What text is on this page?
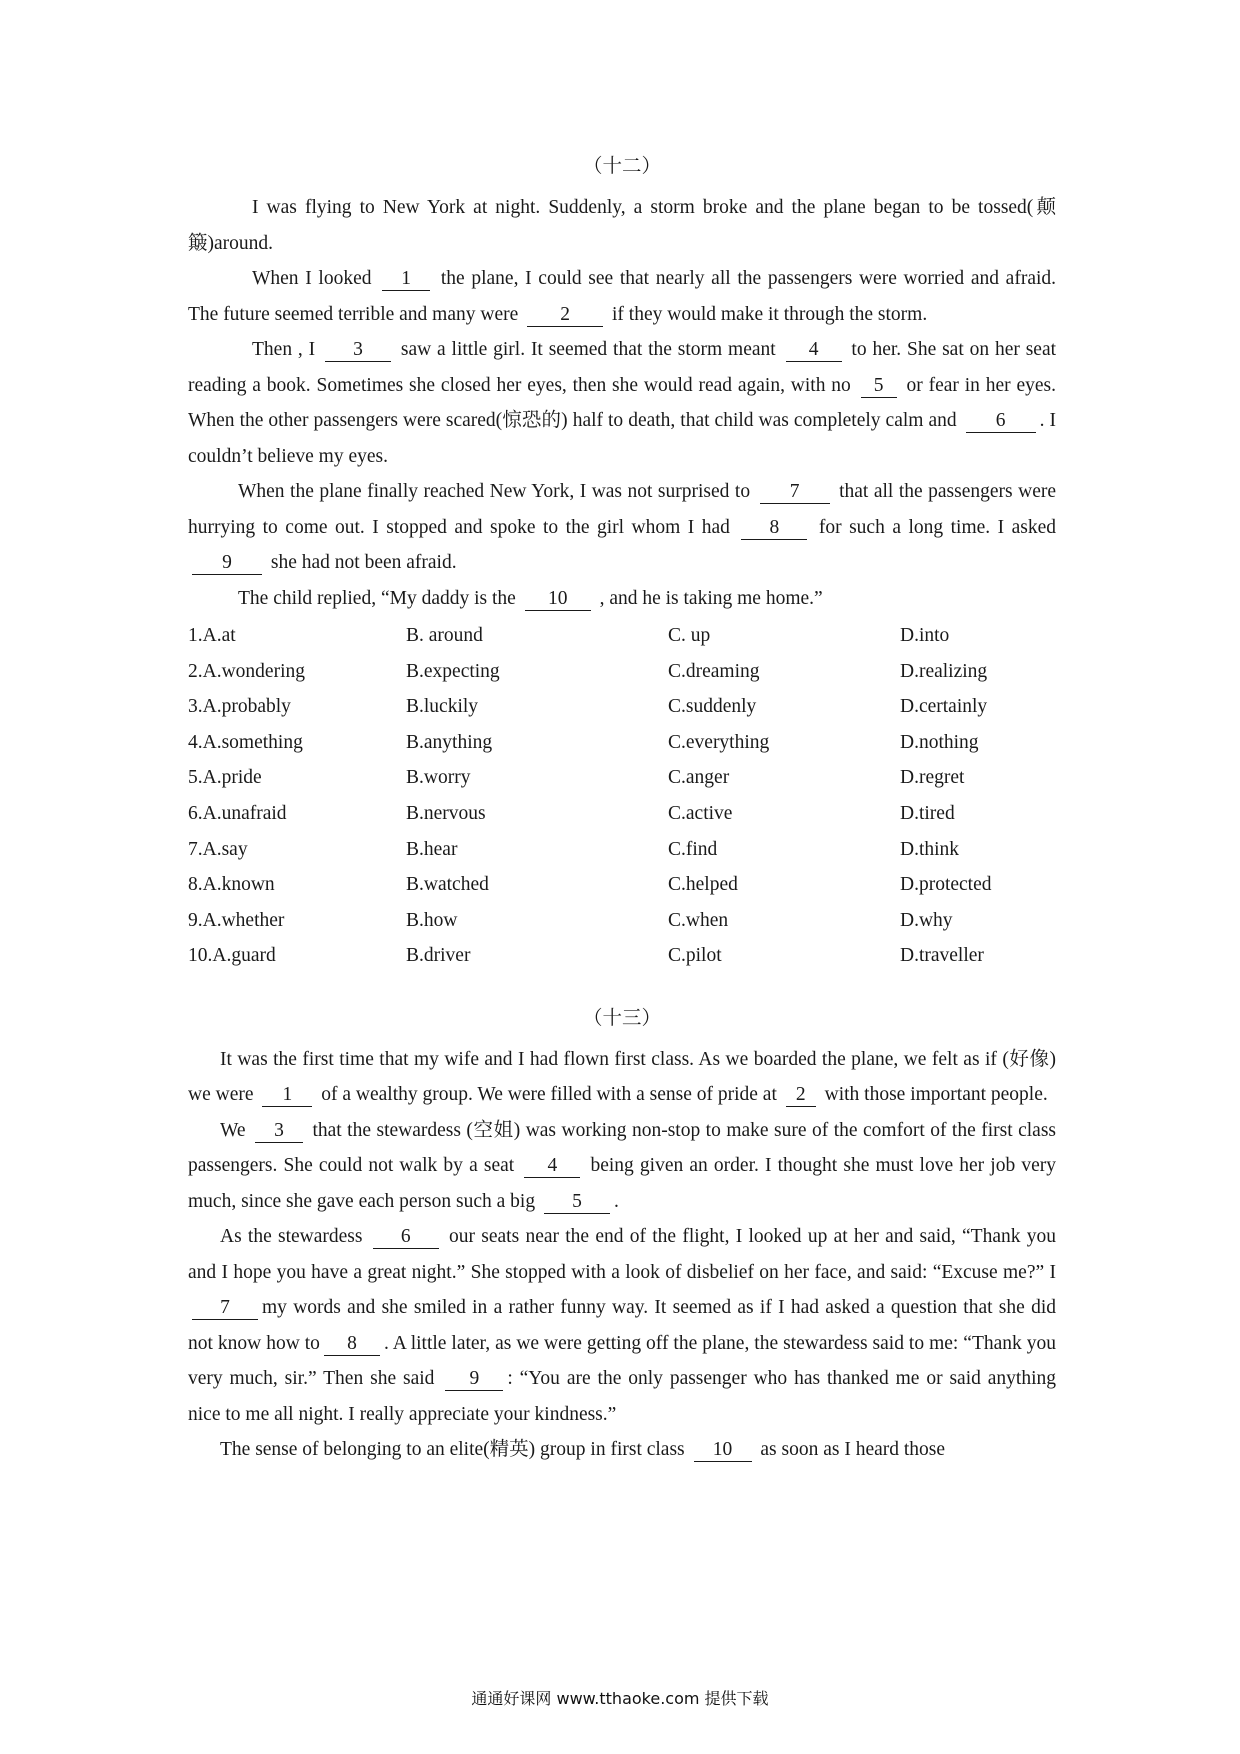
（十二）

I was flying to New York at night. Suddenly, a storm broke and the plane began to be tossed(颠簸)around.

When I looked 1 the plane, I could see that nearly all the passengers were worried and afraid. The future seemed terrible and many were 2 if they would make it through the storm.

Then , I 3 saw a little girl. It seemed that the storm meant 4 to her. She sat on her seat reading a book. Sometimes she closed her eyes, then she would read again, with no 5 or fear in her eyes. When the other passengers were scared(惊恐的) half to death, that child was completely calm and 6 . I couldn’t believe my eyes.

When the plane finally reached New York, I was not surprised to 7 that all the passengers were hurrying to come out. I stopped and spoke to the girl whom I had 8 for such a long time. I asked 9 she had not been afraid.

The child replied, “My daddy is the 10 , and he is taking me home.”

1.A.at	B. around	C. up	D.into
2.A.wondering	B.expecting	C.dreaming	D.realizing
3.A.probably	B.luckily	C.suddenly	D.certainly
4.A.something	B.anything	C.everything	D.nothing
5.A.pride	B.worry	C.anger	D.regret
6.A.unafraid	B.nervous	C.active	D.tired
7.A.say	B.hear	C.find	D.think
8.A.known	B.watched	C.helped	D.protected
9.A.whether	B.how	C.when	D.why
10.A.guard	B.driver	C.pilot	D.traveller
（十三）

It was the first time that my wife and I had flown first class. As we boarded the plane, we felt as if (好像) we were 1 of a wealthy group. We were filled with a sense of pride at 2 with those important people.

We 3 that the stewardess (空姐) was working non-stop to make sure of the comfort of the first class passengers. She could not walk by a seat 4 being given an order. I thought she must love her job very much, since she gave each person such a big 5 .

As the stewardess 6 our seats near the end of the flight, I looked up at her and said, “Thank you and I hope you have a great night.” She stopped with a look of disbelief on her face, and said: “Excuse me?” I 7 my words and she smiled in a rather funny way. It seemed as if I had asked a question that she did not know how to 8 . A little later, as we were getting off the plane, the stewardess said to me: “Thank you very much, sir.” Then she said 9 : “You are the only passenger who has thanked me or said anything nice to me all night. I really appreciate your kindness.”

The sense of belonging to an elite(精英) group in first class 10 as soon as I heard those

通通好课网 www.tthaoke.com 提供下载
